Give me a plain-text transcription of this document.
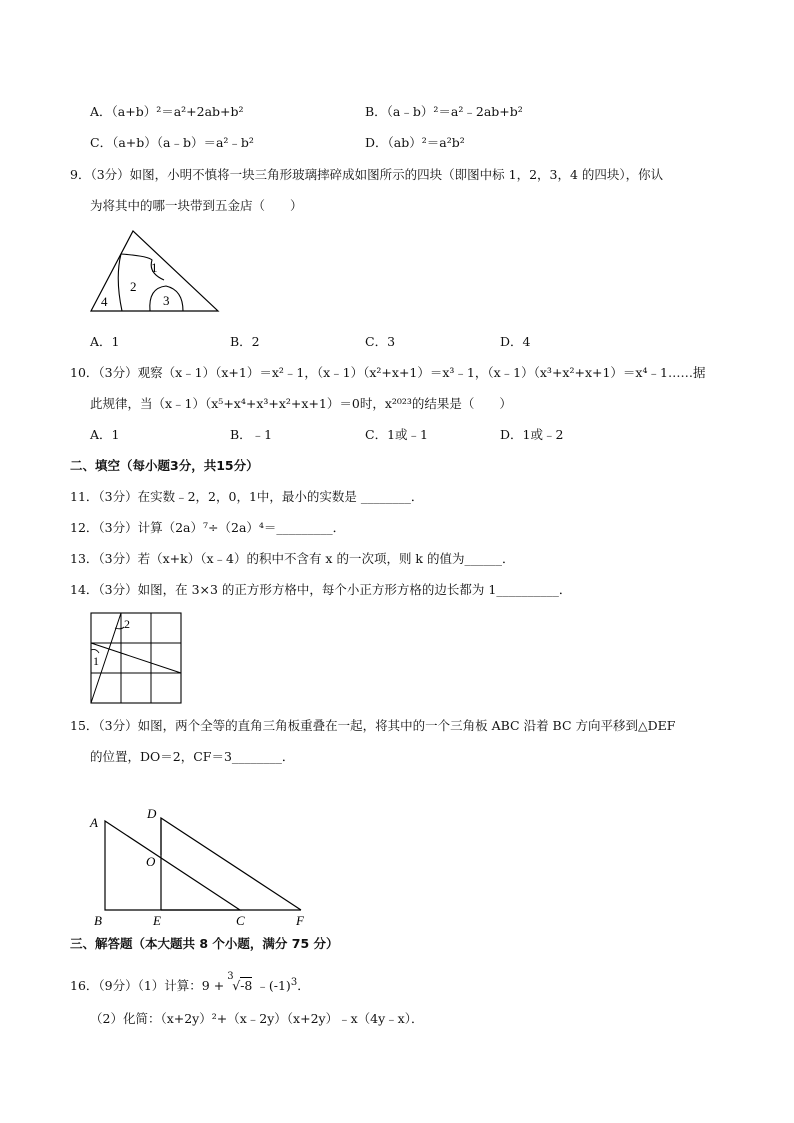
A．（a+b）²＝a²+2ab+b²	B．（a﹣b）²＝a²﹣2ab+b²
C．（a+b）（a﹣b）＝a²﹣b²	D．（ab）²＝a²b²
9．（3分）如图，小明不慎将一块三角形玻璃摔碎成如图所示的四块（即图中标 1，2，3，4 的四块），你认
为将其中的哪一块带到五金店（　　）
1
2
3
4
A．1	B．2	C．3	D．4
10．（3分）观察（x﹣1）（x+1）＝x²﹣1，（x﹣1）（x²+x+1）＝x³﹣1，（x﹣1）（x³+x²+x+1）＝x⁴﹣1……据
此规律，当（x﹣1）（x⁵+x⁴+x³+x²+x+1）＝0时，x²⁰²³的结果是（　　）
A．1	B．﹣1	C．1或﹣1	D．1或﹣2
二、填空（每小题3分，共15分）
11．（3分）在实数﹣2，2，0，1中，最小的实数是 ________．
12．（3分）计算（2a）⁷÷（2a）⁴＝_________．
13．（3分）若（x+k）（x﹣4）的积中不含有 x 的一次项，则 k 的值为______．
14．（3分）如图，在 3×3 的正方形方格中，每个小正方形方格的边长都为 1__________．
1
2
15．（3分）如图，两个全等的直角三角板重叠在一起，将其中的一个三角板 ABC 沿着 BC 方向平移到△DEF
的位置，DO＝2，CF＝3________．
A
D
O
B	E	C	F
三、解答题（本大题共 8 个小题，满分 75 分）
16．（9分）（1）计算：9 +
3
√-8 $﹣(-1)^3$．
（2）化简：（x+2y）²+（x﹣2y）（x+2y）﹣x（4y﹣x）．
